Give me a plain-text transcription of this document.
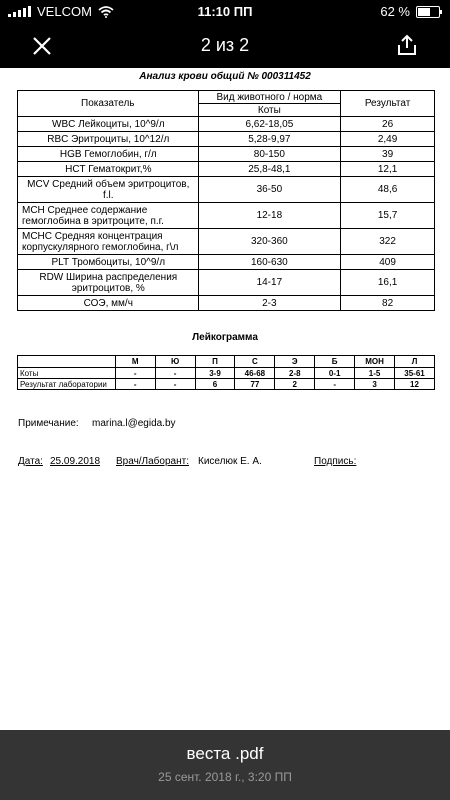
VELCOM	11:10 ПП	62 %
2 из 2
Анализ крови общий № 000311452
Показатель	Вид животного / норма	Результат
	Коты	
WBC Лейкоциты, 10^9/л	6,62-18,05	26
RBC Эритроциты, 10^12/л	5,28-9,97	2,49
HGB Гемоглобин, г/л	80-150	39
HCT Гематокрит,%	25,8-48,1	12,1
MCV Средний объем эритроцитов, f.l.	36-50	48,6
MCH Среднее содержание гемоглобина в эритроците, п.г.	12-18	15,7
MCHC Средняя концентрация корпускулярного гемоглобина, г\л	320-360	322
PLT Тромбоциты, 10^9/л	160-630	409
RDW Ширина распределения эритроцитов, %	14-17	16,1
СОЭ, мм/ч	2-3	82
Лейкограмма
	М	Ю	П	С	Э	Б	МОН	Л
Коты	-	-	3-9	46-68	2-8	0-1	1-5	35-61
Результат лаборатории	-	-	6	77	2	-	3	12
Примечание: marina.l@egida.by
Дата: 25.09.2018 Врач/Лаборант: Киселюк Е. А.	Подпись:
веста .pdf
25 сент. 2018 г., 3:20 ПП
